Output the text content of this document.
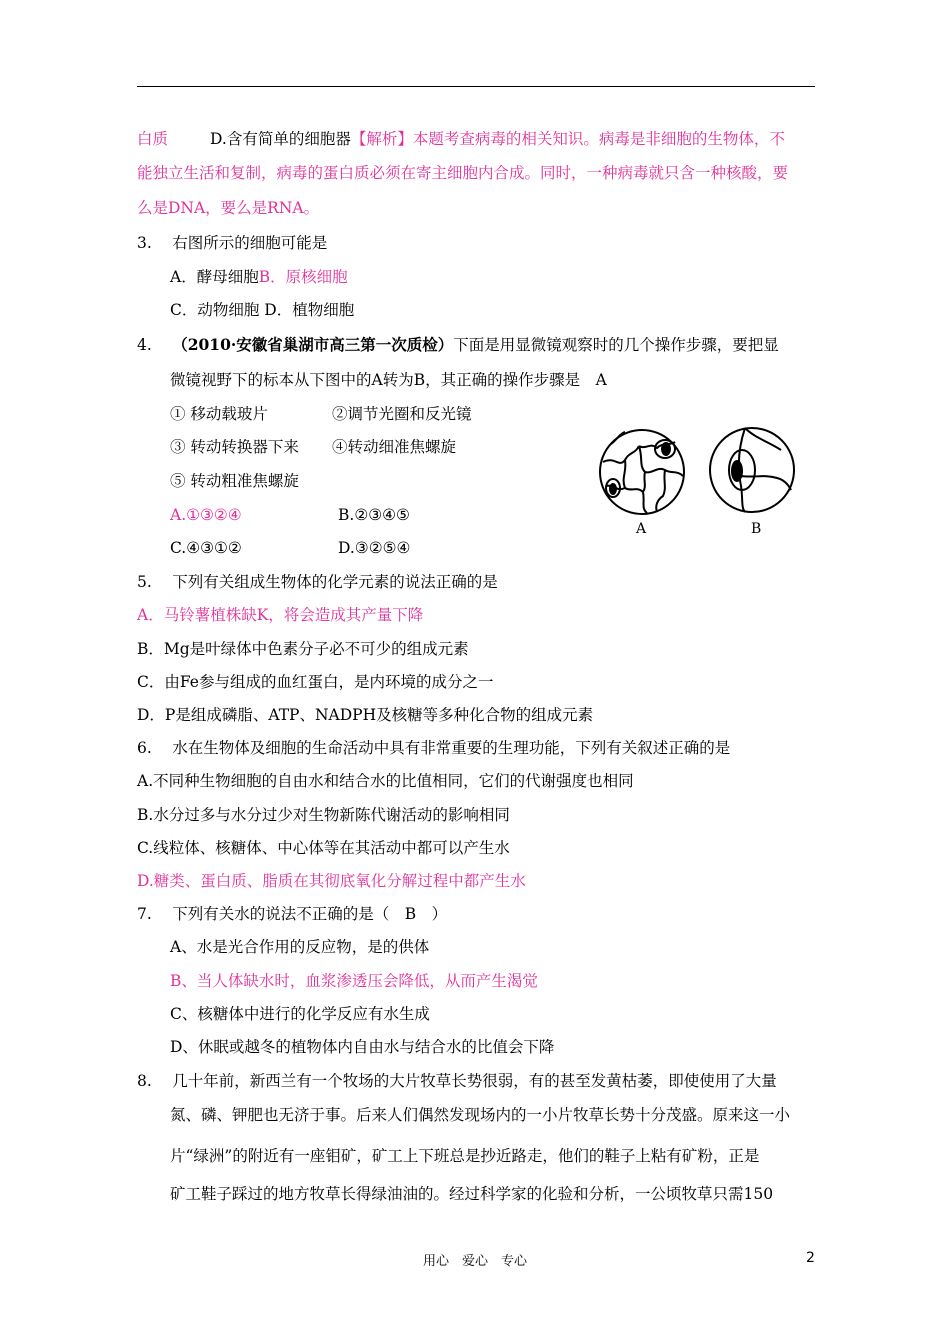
白质	D.含有简单的细胞器【解析】本题考查病毒的相关知识。病毒是非细胞的生物体，不
能独立生活和复制，病毒的蛋白质必须在寄主细胞内合成。同时，一种病毒就只含一种核酸，要
么是DNA，要么是RNA。
3.　 右图所示的细胞可能是
A．酵母细胞B．原核细胞
C．动物细胞 D．植物细胞
4.　 （2010·安徽省巢湖市高三第一次质检）下面是用显微镜观察时的几个操作步骤，要把显
微镜视野下的标本从下图中的A转为B，其正确的操作步骤是　A
① 移动载玻片	②调节光圈和反光镜
③ 转动转换器下来 ④转动细准焦螺旋
⑤ 转动粗准焦螺旋
A.①③②④	B.②③④⑤
C.④③①②	D.③②⑤④
A	B
5.　 下列有关组成生物体的化学元素的说法正确的是
A．马铃薯植株缺K，将会造成其产量下降
B．Mg是叶绿体中色素分子必不可少的组成元素
C．由Fe参与组成的血红蛋白，是内环境的成分之一
D．P是组成磷脂、ATP、NADPH及核糖等多种化合物的组成元素
6.　 水在生物体及细胞的生命活动中具有非常重要的生理功能，下列有关叙述正确的是
A.不同种生物细胞的自由水和结合水的比值相同，它们的代谢强度也相同
B.水分过多与水分过少对生物新陈代谢活动的影响相同
C.线粒体、核糖体、中心体等在其活动中都可以产生水
D.糖类、蛋白质、脂质在其彻底氧化分解过程中都产生水
7.　 下列有关水的说法不正确的是（　B　）
A、水是光合作用的反应物，是的供体
B、当人体缺水时，血浆渗透压会降低，从而产生渴觉
C、核糖体中进行的化学反应有水生成
D、休眠或越冬的植物体内自由水与结合水的比值会下降
8.　 几十年前，新西兰有一个牧场的大片牧草长势很弱，有的甚至发黄枯萎，即使使用了大量
氮、磷、钾肥也无济于事。后来人们偶然发现场内的一小片牧草长势十分茂盛。原来这一小
片“绿洲”的附近有一座钼矿，矿工上下班总是抄近路走，他们的鞋子上粘有矿粉，正是
矿工鞋子踩过的地方牧草长得绿油油的。经过科学家的化验和分析，一公顷牧草只需150
用心　爱心　专心	2
